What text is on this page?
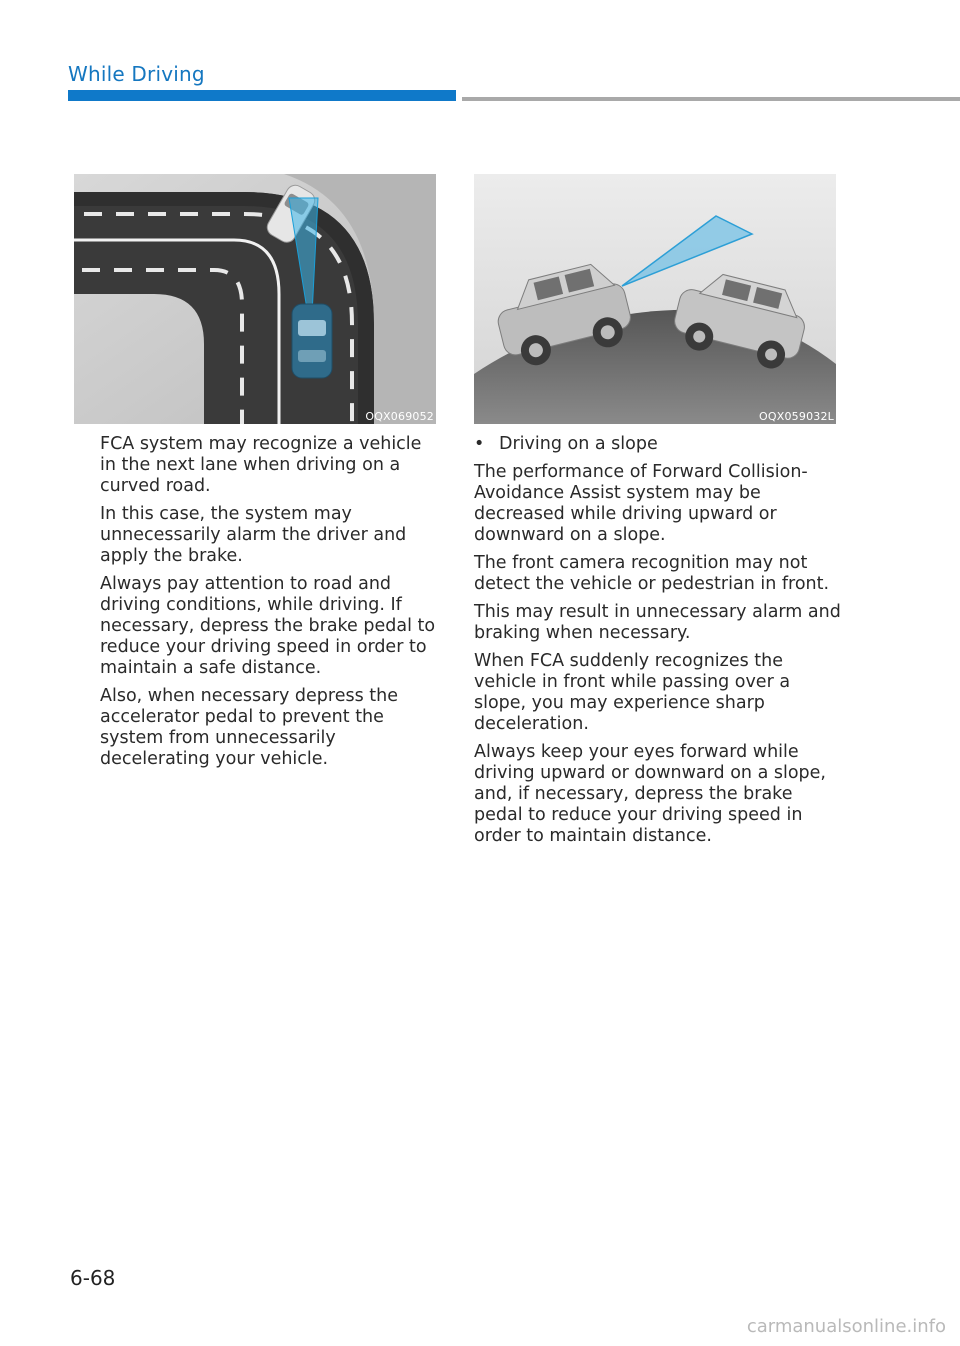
While Driving
OQX069052	OQX059032L

FCA system may recognize a vehicle in the next lane when driving on a curved road.

In this case, the system may unnecessarily alarm the driver and apply the brake.

Always pay attention to road and driving conditions, while driving. If necessary, depress the brake pedal to reduce your driving speed in order to maintain a safe distance.

Also, when necessary depress the accelerator pedal to prevent the system from unnecessarily decelerating your vehicle.

• Driving on a slope

The performance of Forward Collision-Avoidance Assist system may be decreased while driving upward or downward on a slope.

The front camera recognition may not detect the vehicle or pedestrian in front.

This may result in unnecessary alarm and braking when necessary.

When FCA suddenly recognizes the vehicle in front while passing over a slope, you may experience sharp deceleration.

Always keep your eyes forward while driving upward or downward on a slope, and, if necessary, depress the brake pedal to reduce your driving speed in order to maintain distance.

6-68
carmanualsonline.info
